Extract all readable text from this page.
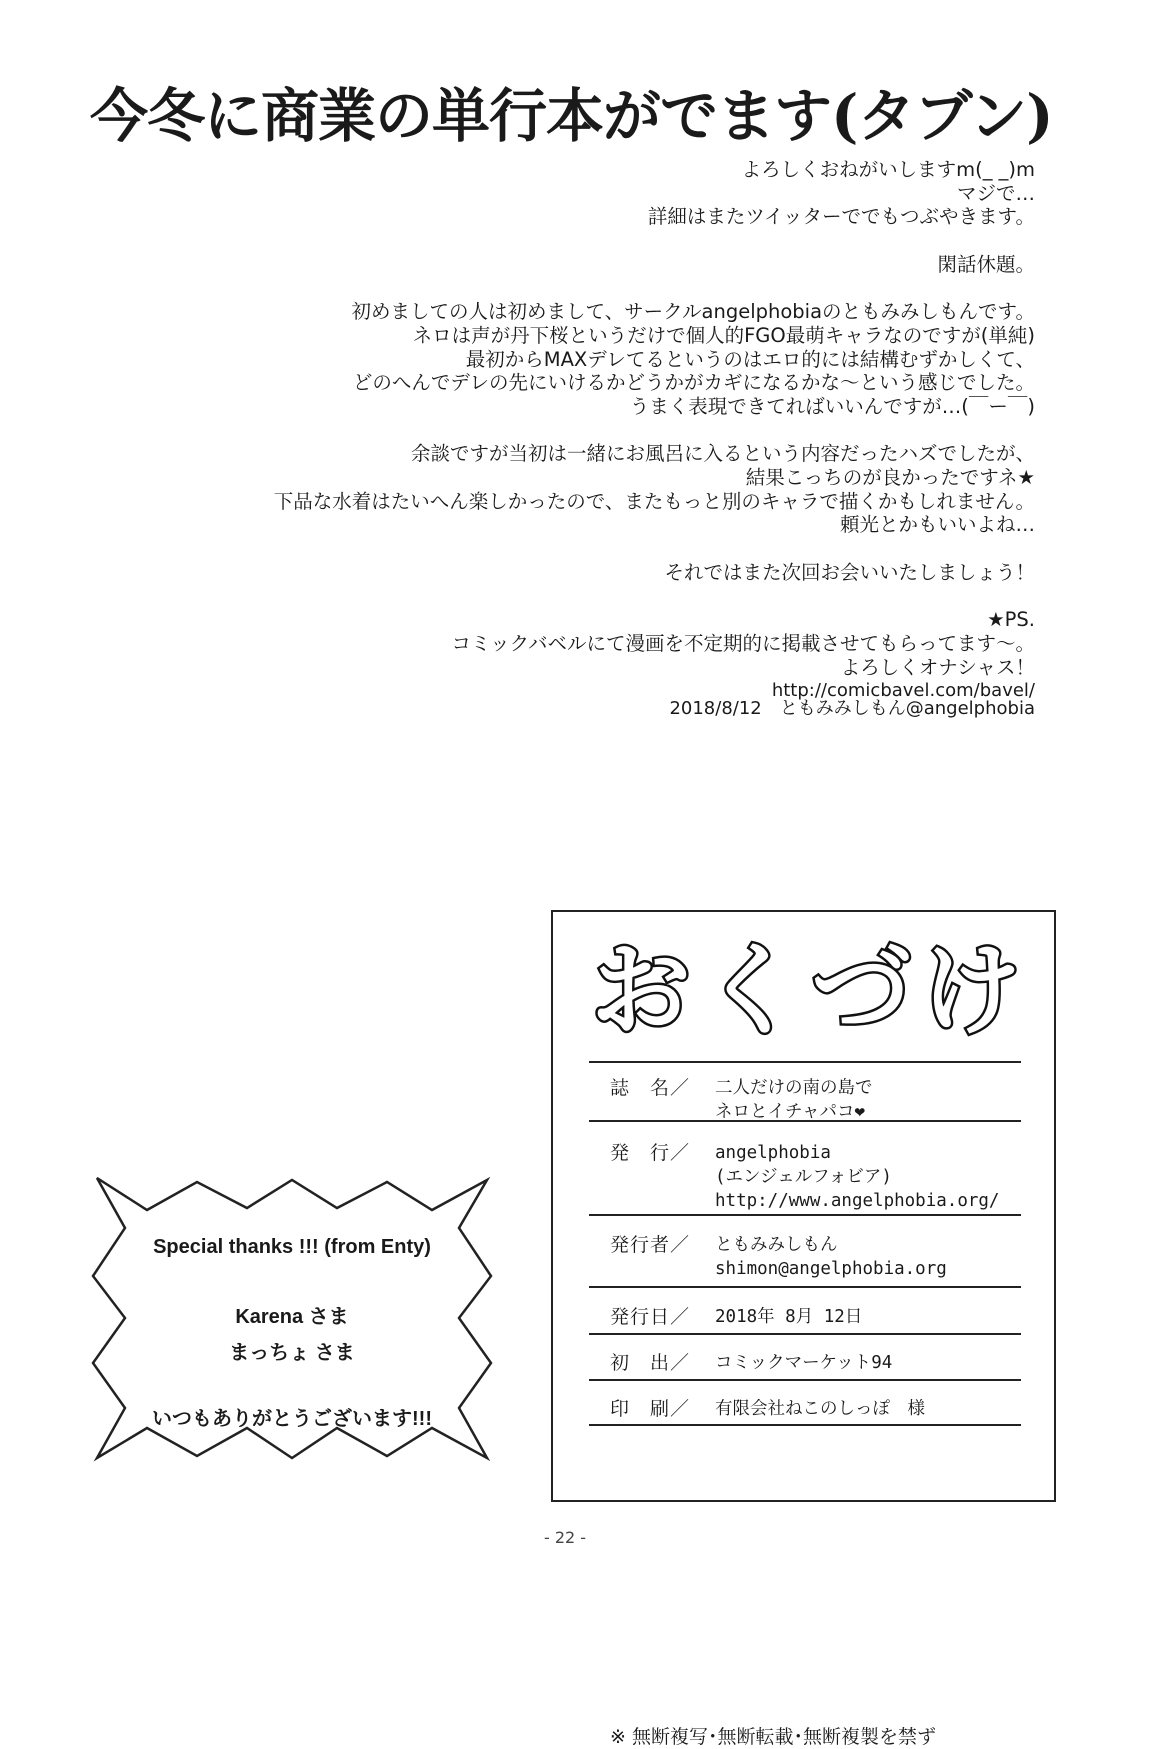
今冬に商業の単行本がでます(タブン)

よろしくおねがいしますm(_ _)m

マジで…

詳細はまたツイッターででもつぶやきます。

閑話休題。

初めましての人は初めまして、サークルangelphobiaのともみみしもんです。

ネロは声が丹下桜というだけで個人的FGO最萌キャラなのですが(単純)

最初からMAXデレてるというのはエロ的には結構むずかしくて、

どのへんでデレの先にいけるかどうかがカギになるかな～という感じでした。

うまく表現できてればいいんですが…(￣ー￣)

余談ですが当初は一緒にお風呂に入るという内容だったハズでしたが、

結果こっちのが良かったですネ★

下品な水着はたいへん楽しかったので、またもっと別のキャラで描くかもしれません。

頼光とかもいいよね…

それではまた次回お会いいたしましょう！

★PS.

コミックバベルにて漫画を不定期的に掲載させてもらってます～。

よろしくオナシャス！

http://comicbavel.com/bavel/

2018/8/12　ともみみしもん@angelphobia
Special thanks !!! (from Enty)
Karena さま
まっちょ さま
いつもありがとうございます!!!
お く づ け
誌　名／	二人だけの南の島で
ネロとイチャパコ❤
発　行／	angelphobia
(エンジェルフォビア)
http://www.angelphobia.org/
発行者／	ともみみしもん
shimon@angelphobia.org
発行日／	2018年 8月 12日
初　出／	コミックマーケット94
印　刷／	有限会社ねこのしっぽ　様
※ 無断複写･無断転載･無断複製を禁ず
- 22 -
